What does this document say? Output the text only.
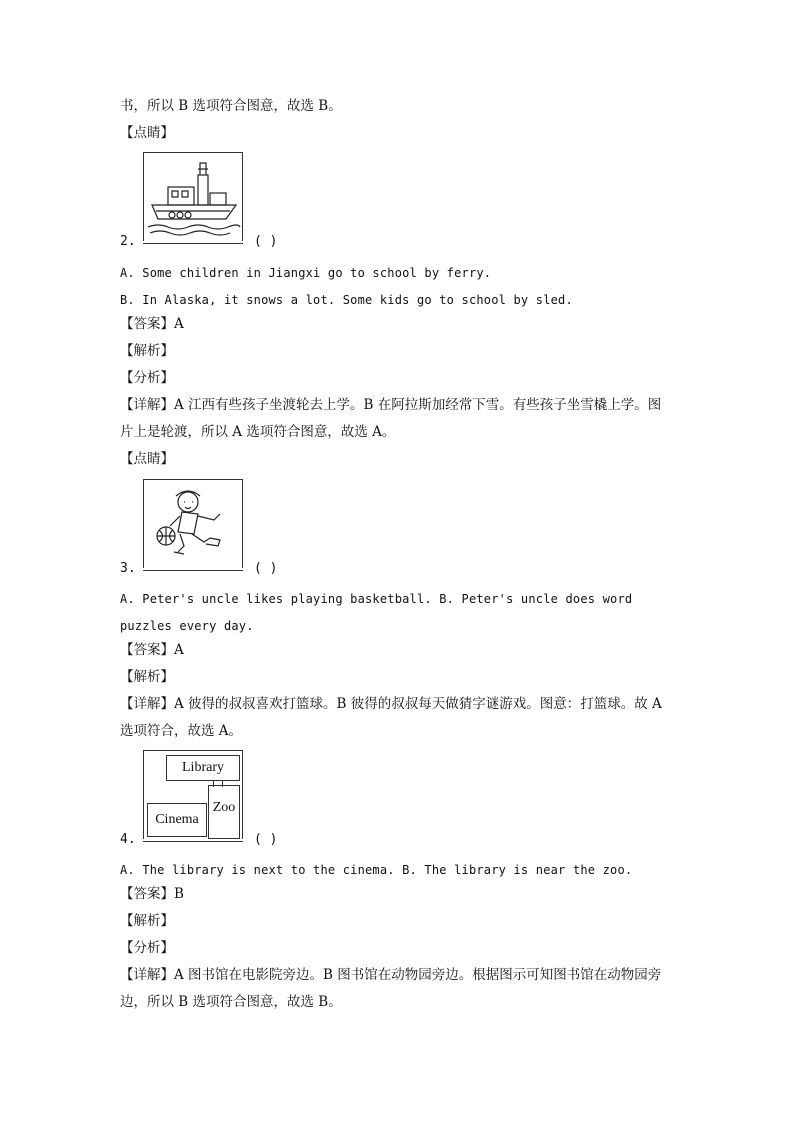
书，所以 B 选项符合图意，故选 B。
【点睛】
2.	( )
A. Some children in Jiangxi go to school by ferry.
B. In Alaska, it snows a lot. Some kids go to school by sled.
【答案】A
【解析】
【分析】
【详解】A 江西有些孩子坐渡轮去上学。B 在阿拉斯加经常下雪。有些孩子坐雪橇上学。图
片上是轮渡，所以 A 选项符合图意，故选 A。
【点睛】
3.	( )
A. Peter's uncle likes playing basketball. B. Peter's uncle does word
puzzles every day.
【答案】A
【解析】
【详解】A 彼得的叔叔喜欢打篮球。B 彼得的叔叔每天做猜字谜游戏。图意：打篮球。故 A
选项符合，故选 A。
Library
Zoo
Cinema
4.	( )
A. The library is next to the cinema. B. The library is near the zoo.
【答案】B
【解析】
【分析】
【详解】A 图书馆在电影院旁边。B 图书馆在动物园旁边。根据图示可知图书馆在动物园旁
边，所以 B 选项符合图意，故选 B。
